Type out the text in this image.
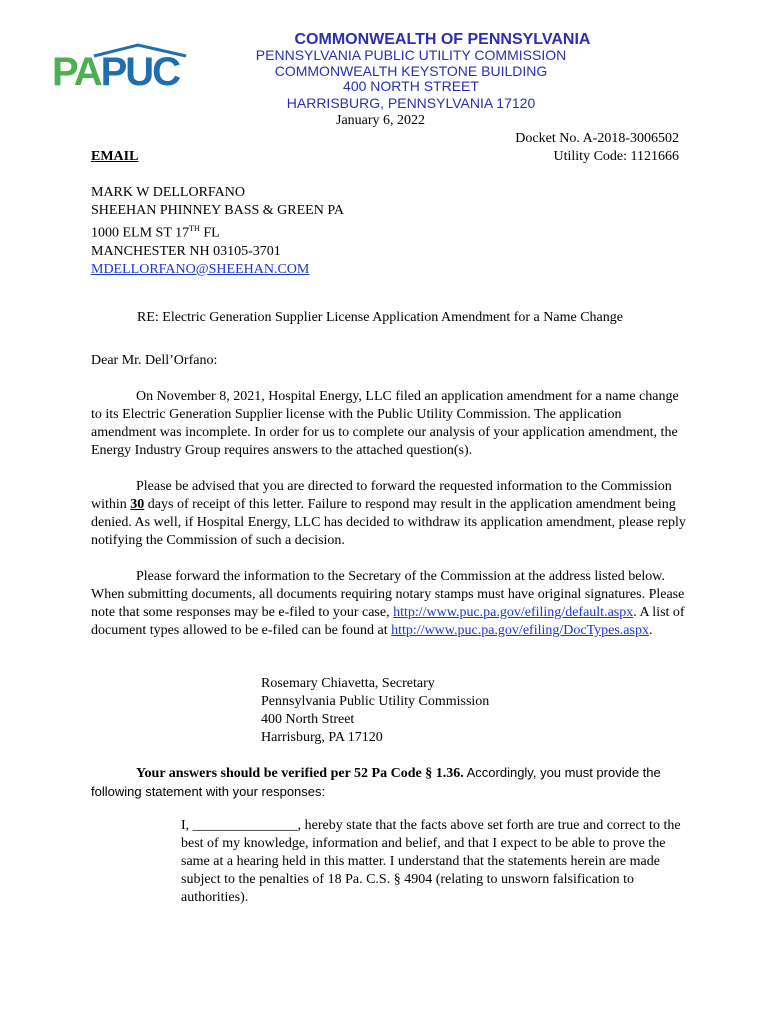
PAPUC
COMMONWEALTH OF PENNSYLVANIA
PENNSYLVANIA PUBLIC UTILITY COMMISSION
COMMONWEALTH KEYSTONE BUILDING
400 NORTH STREET
HARRISBURG, PENNSYLVANIA 17120
January 6, 2022
Docket No. A-2018-3006502
Utility Code: 1121666
EMAIL
MARK W DELLORFANO
SHEEHAN PHINNEY BASS & GREEN PA
1000 ELM ST 17TH FL
MANCHESTER NH 03105-3701
MDELLORFANO@SHEEHAN.COM
RE: Electric Generation Supplier License Application Amendment for a Name Change
Dear Mr. Dell’Orfano:

On November 8, 2021, Hospital Energy, LLC filed an application amendment for a name change to its Electric Generation Supplier license with the Public Utility Commission. The application amendment was incomplete. In order for us to complete our analysis of your application amendment, the Energy Industry Group requires answers to the attached question(s).

Please be advised that you are directed to forward the requested information to the Commission within 30 days of receipt of this letter. Failure to respond may result in the application amendment being denied. As well, if Hospital Energy, LLC has decided to withdraw its application amendment, please reply notifying the Commission of such a decision.

Please forward the information to the Secretary of the Commission at the address listed below. When submitting documents, all documents requiring notary stamps must have original signatures. Please note that some responses may be e-filed to your case, http://www.puc.pa.gov/efiling/default.aspx. A list of document types allowed to be e-filed can be found at http://www.puc.pa.gov/efiling/DocTypes.aspx.

Rosemary Chiavetta, Secretary
Pennsylvania Public Utility Commission
400 North Street
Harrisburg, PA 17120

Your answers should be verified per 52 Pa Code § 1.36. Accordingly, you must provide the following statement with your responses:

I, _______________, hereby state that the facts above set forth are true and correct to the best of my knowledge, information and belief, and that I expect to be able to prove the same at a hearing held in this matter. I understand that the statements herein are made subject to the penalties of 18 Pa. C.S. § 4904 (relating to unsworn falsification to authorities).
